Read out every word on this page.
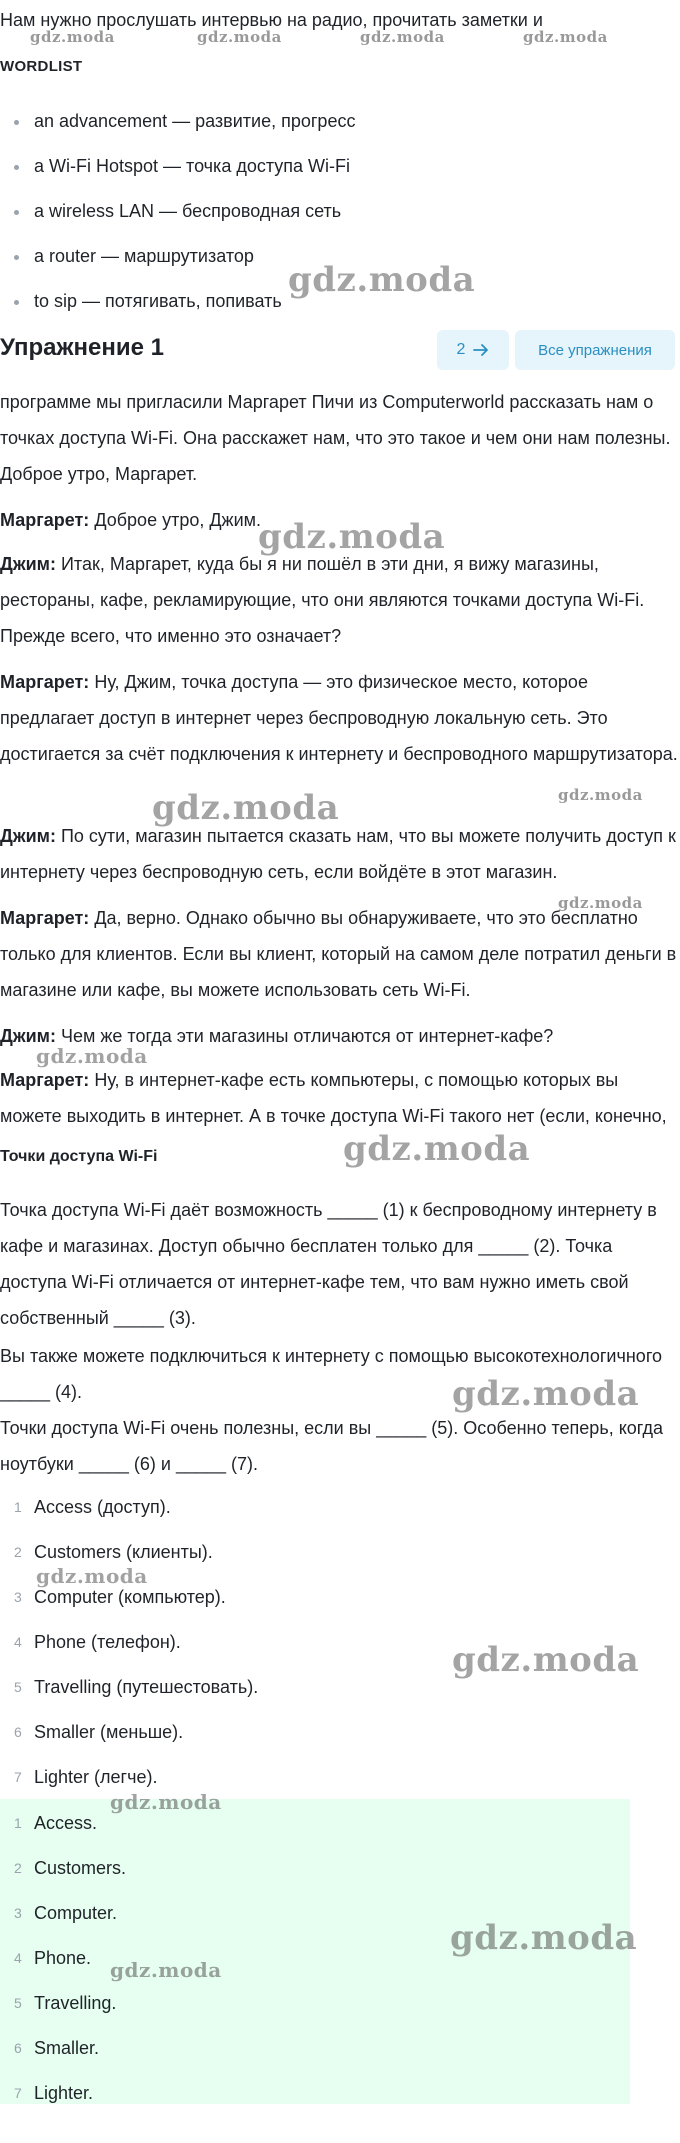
Нам нужно прослушать интервью на радио, прочитать заметки и

WORDLIST
an advancement — развитие, прогресс
a Wi-Fi Hotspot — точка доступа Wi-Fi
a wireless LAN — беспроводная сеть
a router — маршрутизатор
to sip — потягивать, попивать
Упражнение 1	2	Все упражнения

программе мы пригласили Маргарет Пичи из Computerworld рассказать нам о точках доступа Wi-Fi. Она расскажет нам, что это такое и чем они нам полезны. Доброе утро, Маргарет.

Маргарет: Доброе утро, Джим.

Джим: Итак, Маргарет, куда бы я ни пошёл в эти дни, я вижу магазины, рестораны, кафе, рекламирующие, что они являются точками доступа Wi-Fi. Прежде всего, что именно это означает?

Маргарет: Ну, Джим, точка доступа — это физическое место, которое предлагает доступ в интернет через беспроводную локальную сеть. Это достигается за счёт подключения к интернету и беспроводного маршрутизатора.

Джим: По сути, магазин пытается сказать нам, что вы можете получить доступ к интернету через беспроводную сеть, если войдёте в этот магазин.

Маргарет: Да, верно. Однако обычно вы обнаруживаете, что это бесплатно только для клиентов. Если вы клиент, который на самом деле потратил деньги в магазине или кафе, вы можете использовать сеть Wi-Fi.

Джим: Чем же тогда эти магазины отличаются от интернет-кафе?

Маргарет: Ну, в интернет-кафе есть компьютеры, с помощью которых вы можете выходить в интернет. А в точке доступа Wi-Fi такого нет (если, конечно,

Точки доступа Wi-Fi

Точка доступа Wi-Fi даёт возможность _____ (1) к беспроводному интернету в кафе и магазинах. Доступ обычно бесплатен только для _____ (2). Точка доступа Wi-Fi отличается от интернет-кафе тем, что вам нужно иметь свой собственный _____ (3).

Вы также можете подключиться к интернету с помощью высокотехнологичного _____ (4).

Точки доступа Wi-Fi очень полезны, если вы _____ (5). Особенно теперь, когда ноутбуки _____ (6) и _____ (7).

1 Access (доступ).
2 Customers (клиенты).
3 Computer (компьютер).
4 Phone (телефон).
5 Travelling (путешестовать).
6 Smaller (меньше).
7 Lighter (легче).
1 Access.
2 Customers.
3 Computer.
4 Phone.
5 Travelling.
6 Smaller.
7 Lighter.
gdz.moda	gdz.moda	gdz.moda	gdz.moda
gdz.moda
gdz.moda
gdz.moda	gdz.moda
gdz.moda
gdz.moda
gdz.moda
gdz.moda
gdz.moda
gdz.moda
gdz.moda
gdz.moda
gdz.moda
